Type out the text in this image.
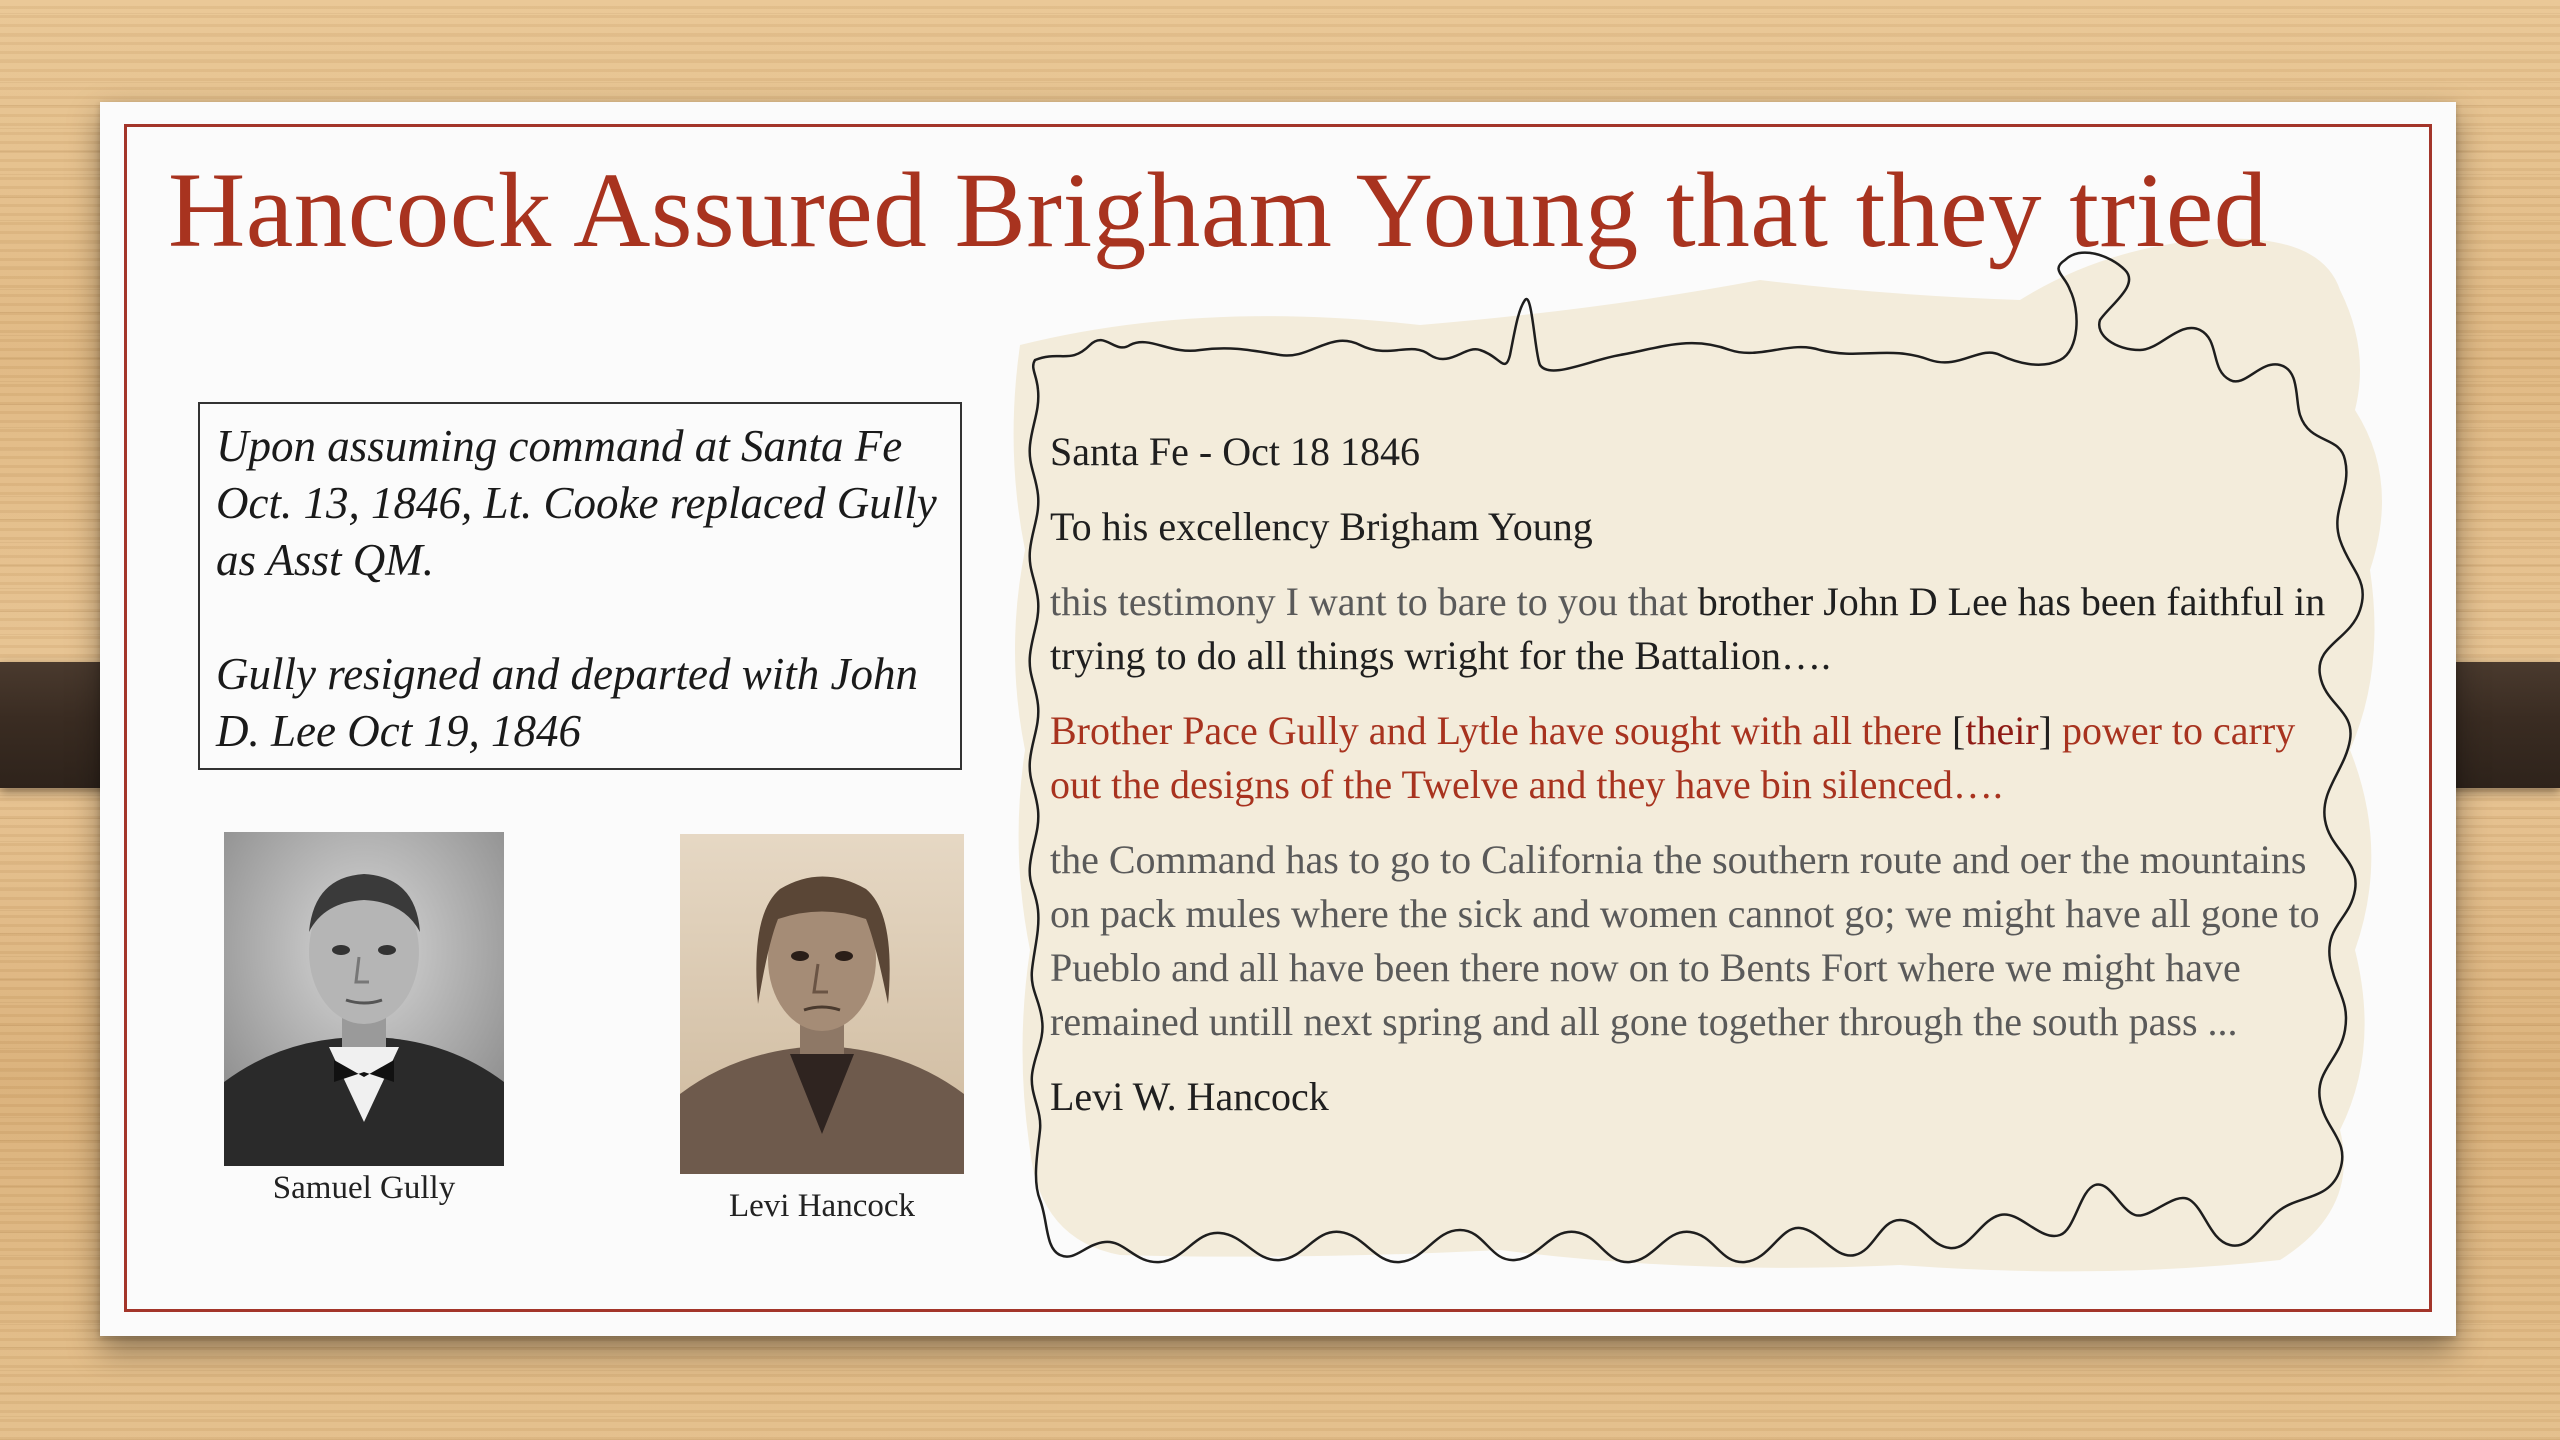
Hancock Assured Brigham Young that they tried

Upon assuming command at Santa Fe Oct. 13, 1846, Lt. Cooke replaced Gully as Asst QM.

Gully resigned and departed with John D. Lee Oct 19, 1846

Samuel Gully	Levi Hancock

Santa Fe - Oct 18 1846

To his excellency Brigham Young

this testimony I want to bare to you that brother John D Lee has been faithful in trying to do all things wright for the Battalion….

Brother Pace Gully and Lytle have sought with all there [their] power to carry out the designs of the Twelve and they have bin silenced….

the Command has to go to California the southern route and oer the mountains on pack mules where the sick and women cannot go; we might have all gone to Pueblo and all have been there now on to Bents Fort where we might have remained untill next spring and all gone together through the south pass ...

Levi W. Hancock
